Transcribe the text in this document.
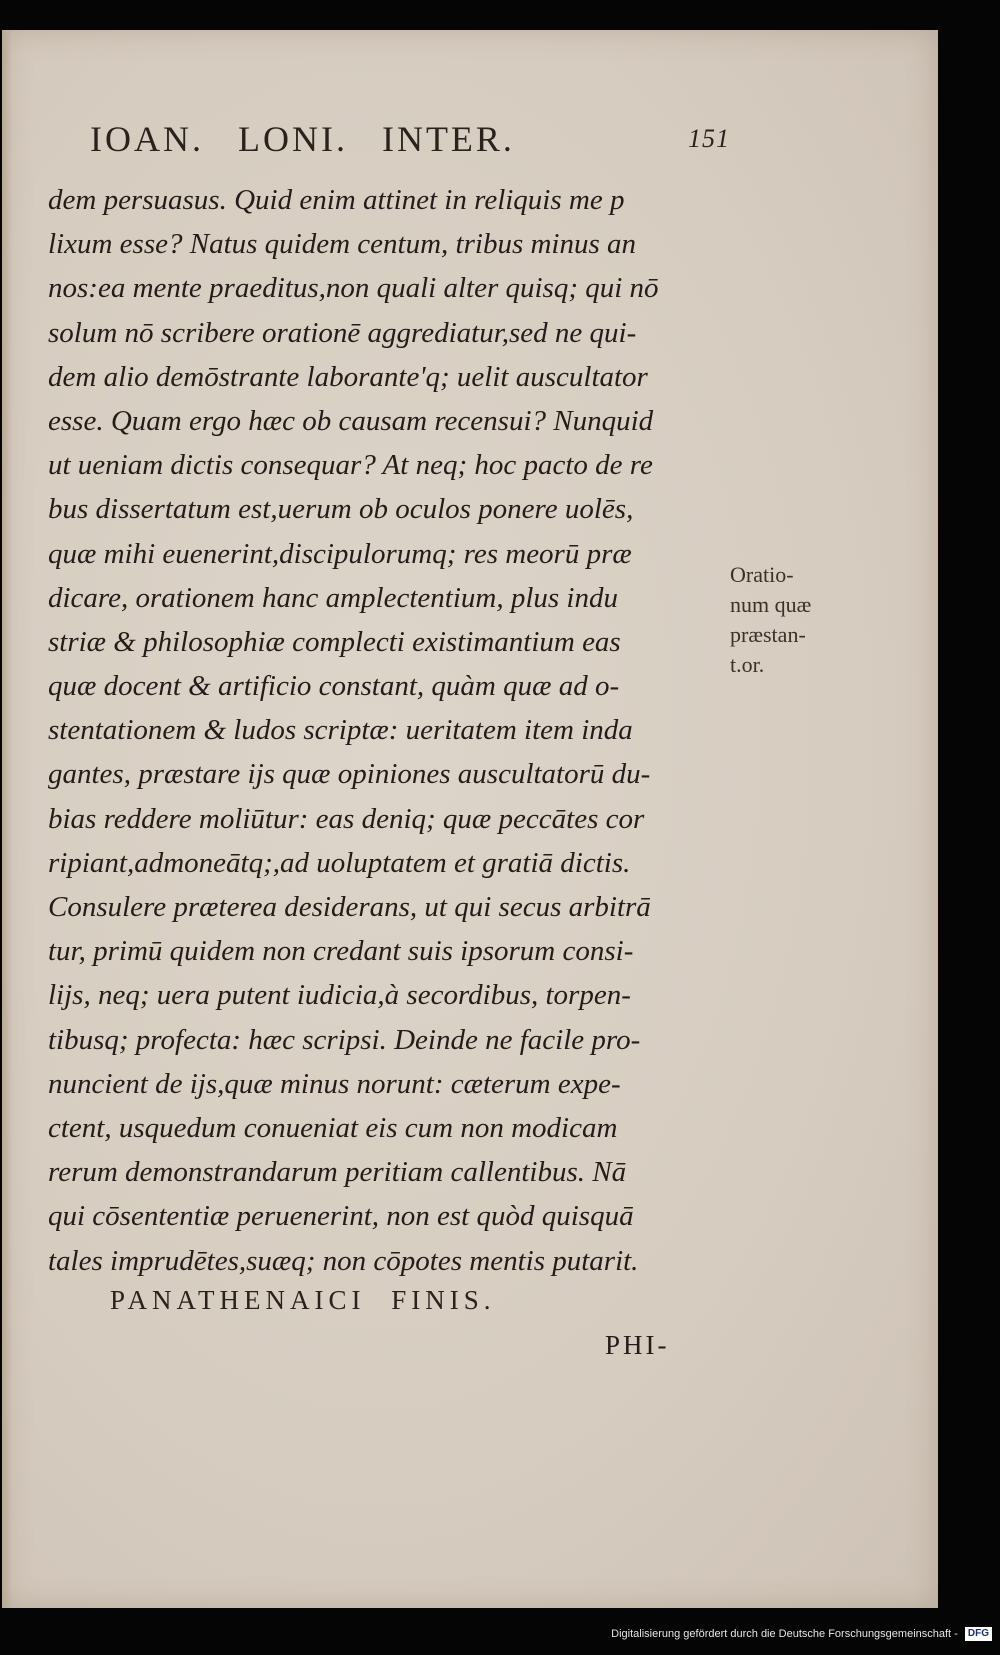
IOAN. LONI. INTER.	151
dem persuasus. Quid enim attinet in reliquis me p
lixum esse? Natus quidem centum, tribus minus an
nos:ea mente praeditus,non quali alter quisq; qui nō
solum nō scribere orationē aggrediatur,sed ne qui-
dem alio demōstrante laborante'q; uelit auscultator
esse. Quam ergo hæc ob causam recensui? Nunquid
ut ueniam dictis consequar? At neq; hoc pacto de re
bus dissertatum est,uerum ob oculos ponere uolēs,
quæ mihi euenerint,discipulorumq; res meorū præ
dicare, orationem hanc amplectentium, plus indu
striæ & philosophiæ complecti existimantium eas
quæ docent & artificio constant, quàm quæ ad o-
stentationem & ludos scriptæ: ueritatem item inda
gantes, præstare ijs quæ opiniones auscultatorū du-
bias reddere moliūtur: eas deniq; quæ peccātes cor
ripiant,admoneātq;,ad uoluptatem et gratiā dictis.
Consulere præterea desiderans, ut qui secus arbitrā
tur, primū quidem non credant suis ipsorum consi-
lijs, neq; uera putent iudicia,à secordibus, torpen-
tibusq; profecta: hæc scripsi. Deinde ne facile pro-
nuncient de ijs,quæ minus norunt: cæterum expe-
ctent, usquedum conueniat eis cum non modicam
rerum demonstrandarum peritiam callentibus. Nā
qui cōsententiæ peruenerint, non est quòd quisquā
tales imprudētes,suæq; non cōpotes mentis putarit.
Oratio-
num quæ
præstan-
t.or.
PANATHENAICI FINIS.
PHI-
Digitalisierung gefördert durch die Deutsche Forschungsgemeinschaft - DFG
